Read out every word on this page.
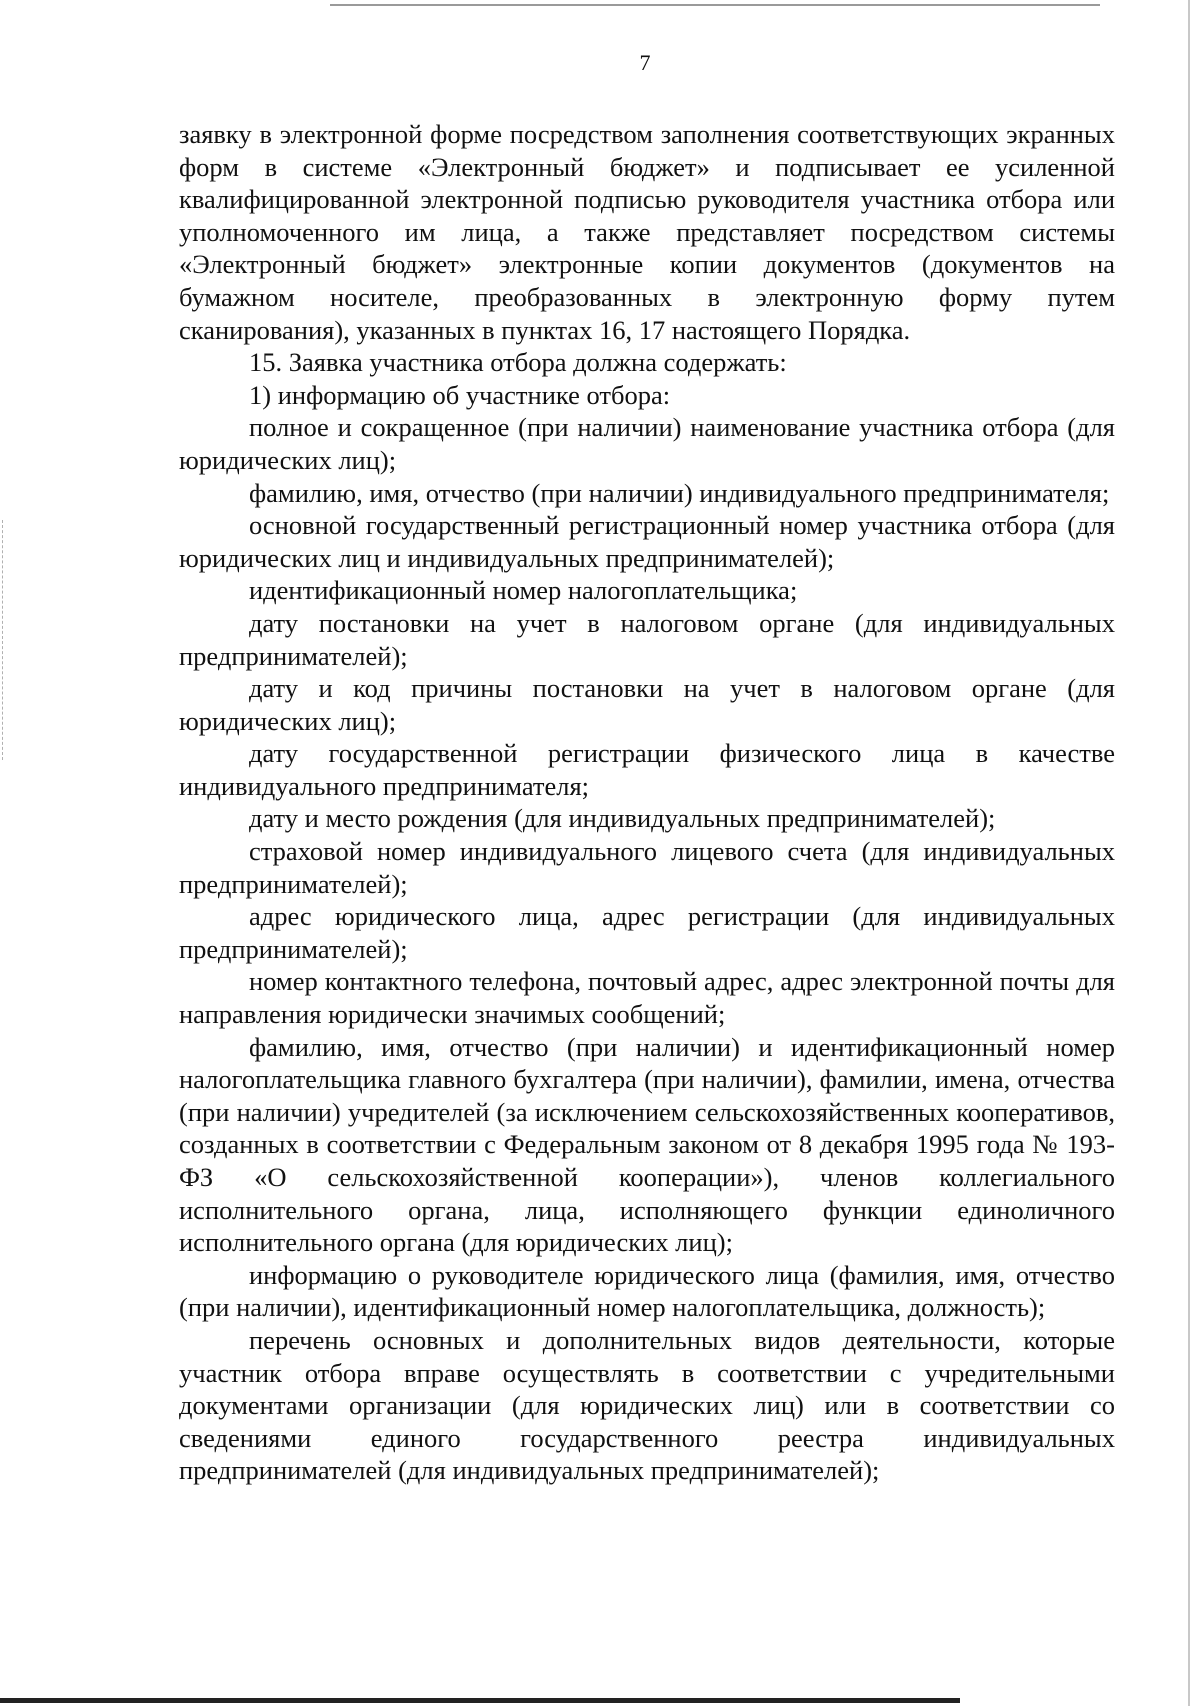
7

заявку в электронной форме посредством заполнения соответствующих экранных форм в системе «Электронный бюджет» и подписывает ее усиленной квалифицированной электронной подписью руководителя участника отбора или уполномоченного им лица, а также представляет посредством системы «Электронный бюджет» электронные копии документов (документов на бумажном носителе, преобразованных в электронную форму путем сканирования), указанных в пунктах 16, 17 настоящего Порядка.

15. Заявка участника отбора должна содержать:

1) информацию об участнике отбора:

полное и сокращенное (при наличии) наименование участника отбора (для юридических лиц);

фамилию, имя, отчество (при наличии) индивидуального предпринимателя;

основной государственный регистрационный номер участника отбора (для юридических лиц и индивидуальных предпринимателей);

идентификационный номер налогоплательщика;

дату постановки на учет в налоговом органе (для индивидуальных предпринимателей);

дату и код причины постановки на учет в налоговом органе (для юридических лиц);

дату государственной регистрации физического лица в качестве индивидуального предпринимателя;

дату и место рождения (для индивидуальных предпринимателей);

страховой номер индивидуального лицевого счета (для индивидуальных предпринимателей);

адрес юридического лица, адрес регистрации (для индивидуальных предпринимателей);

номер контактного телефона, почтовый адрес, адрес электронной почты для направления юридически значимых сообщений;

фамилию, имя, отчество (при наличии) и идентификационный номер налогоплательщика главного бухгалтера (при наличии), фамилии, имена, отчества (при наличии) учредителей (за исключением сельскохозяйственных кооперативов, созданных в соответствии с Федеральным законом от 8 декабря 1995 года № 193-ФЗ «О сельскохозяйственной кооперации»), членов коллегиального исполнительного органа, лица, исполняющего функции единоличного исполнительного органа (для юридических лиц);

информацию о руководителе юридического лица (фамилия, имя, отчество (при наличии), идентификационный номер налогоплательщика, должность);

перечень основных и дополнительных видов деятельности, которые участник отбора вправе осуществлять в соответствии с учредительными документами организации (для юридических лиц) или в соответствии со сведениями единого государственного реестра индивидуальных предпринимателей (для индивидуальных предпринимателей);
